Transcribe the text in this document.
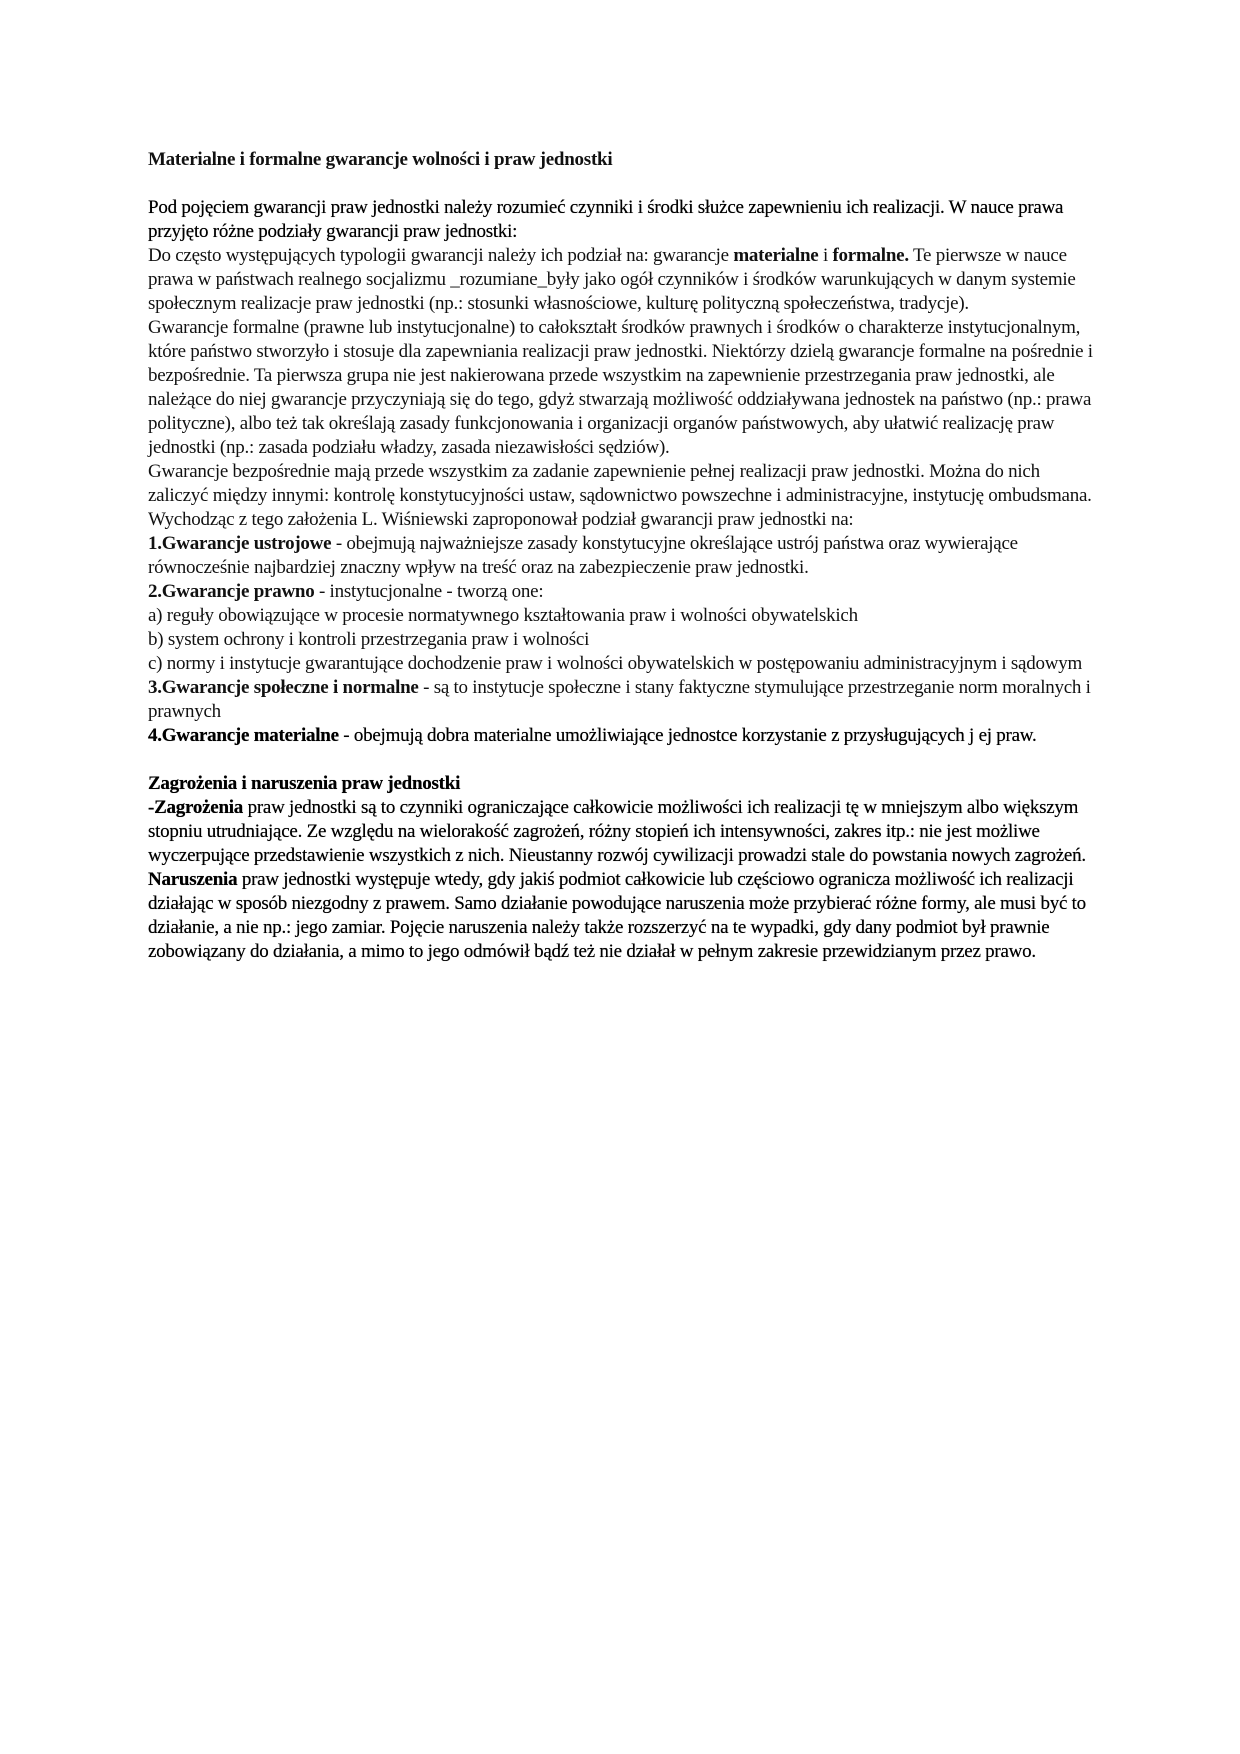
Materialne i formalne gwarancje wolności i praw jednostki

Pod pojęciem gwarancji praw jednostki należy rozumieć czynniki i środki służce zapewnieniu ich realizacji. W nauce prawa przyjęto różne podziały gwarancji praw jednostki:

Do często występujących typologii gwarancji należy ich podział na: gwarancje materialne i formalne. Te pierwsze w nauce prawa w państwach realnego socjalizmu _rozumiane_były jako ogół czynników i środków warunkujących w danym systemie społecznym realizacje praw jednostki (np.: stosunki własnościowe, kulturę polityczną społeczeństwa, tradycje).

Gwarancje formalne (prawne lub instytucjonalne) to całokształt środków prawnych i środków o charakterze instytucjonalnym, które państwo stworzyło i stosuje dla zapewniania realizacji praw jednostki. Niektórzy dzielą gwarancje formalne na pośrednie i bezpośrednie. Ta pierwsza grupa nie jest nakierowana przede wszystkim na zapewnienie przestrzegania praw jednostki, ale należące do niej gwarancje przyczyniają się do tego, gdyż stwarzają możliwość oddziaływana jednostek na państwo (np.: prawa polityczne), albo też tak określają zasady funkcjonowania i organizacji organów państwowych, aby ułatwić realizację praw jednostki (np.: zasada podziału władzy, zasada niezawisłości sędziów).

Gwarancje bezpośrednie mają przede wszystkim za zadanie zapewnienie pełnej realizacji praw jednostki. Można do nich zaliczyć między innymi: kontrolę konstytucyjności ustaw, sądownictwo powszechne i administracyjne, instytucję ombudsmana. Wychodząc z tego założenia L. Wiśniewski zaproponował podział gwarancji praw jednostki na:

1.Gwarancje ustrojowe - obejmują najważniejsze zasady konstytucyjne określające ustrój państwa oraz wywierające równocześnie najbardziej znaczny wpływ na treść oraz na zabezpieczenie praw jednostki.

2.Gwarancje prawno - instytucjonalne - tworzą one:

a) reguły obowiązujące w procesie normatywnego kształtowania praw i wolności obywatelskich

b) system ochrony i kontroli przestrzegania praw i wolności

c) normy i instytucje gwarantujące dochodzenie praw i wolności obywatelskich w postępowaniu administracyjnym i sądowym

3.Gwarancje społeczne i normalne - są to instytucje społeczne i stany faktyczne stymulujące przestrzeganie norm moralnych i prawnych

4.Gwarancje materialne - obejmują dobra materialne umożliwiające jednostce korzystanie z przysługujących j ej praw.

Zagrożenia i naruszenia praw jednostki

-Zagrożenia praw jednostki są to czynniki ograniczające całkowicie możliwości ich realizacji tę w mniejszym albo większym stopniu utrudniające. Ze względu na wielorakość zagrożeń, różny stopień ich intensywności, zakres itp.: nie jest możliwe wyczerpujące przedstawienie wszystkich z nich. Nieustanny rozwój cywilizacji prowadzi stale do powstania nowych zagrożeń.

Naruszenia praw jednostki występuje wtedy, gdy jakiś podmiot całkowicie lub częściowo ogranicza możliwość ich realizacji działając w sposób niezgodny z prawem. Samo działanie powodujące naruszenia może przybierać różne formy, ale musi być to działanie, a nie np.: jego zamiar. Pojęcie naruszenia należy także rozszerzyć na te wypadki, gdy dany podmiot był prawnie zobowiązany do działania, a mimo to jego odmówił bądź też nie działał w pełnym zakresie przewidzianym przez prawo.
